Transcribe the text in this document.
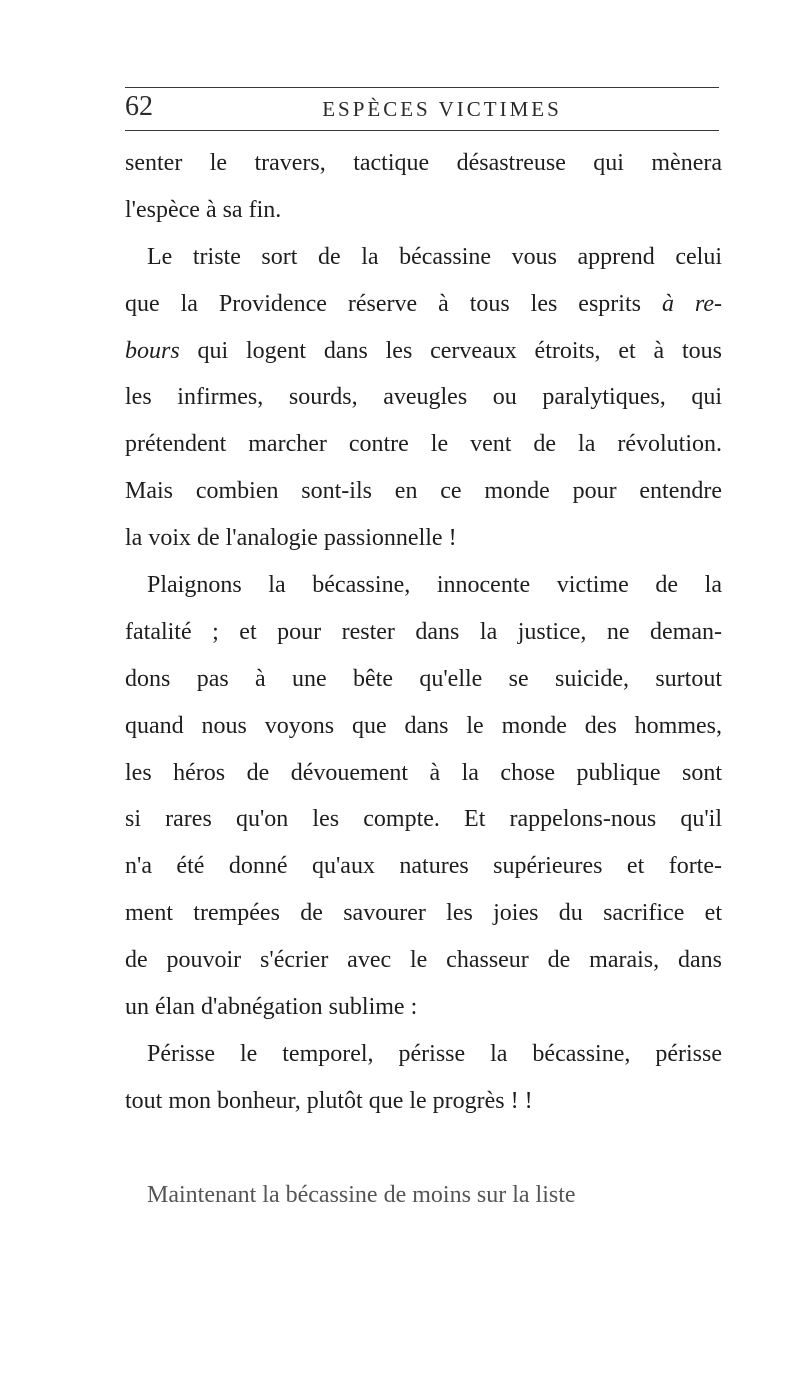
62	ESPÈCES VICTIMES
senter le travers, tactique désastreuse qui mènera
l'espèce à sa fin.
Le triste sort de la bécassine vous apprend celui
que la Providence réserve à tous les esprits à re-
bours qui logent dans les cerveaux étroits, et à tous
les infirmes, sourds, aveugles ou paralytiques, qui
prétendent marcher contre le vent de la révolution.
Mais combien sont-ils en ce monde pour entendre
la voix de l'analogie passionnelle !
Plaignons la bécassine, innocente victime de la
fatalité ; et pour rester dans la justice, ne deman-
dons pas à une bête qu'elle se suicide, surtout
quand nous voyons que dans le monde des hommes,
les héros de dévouement à la chose publique sont
si rares qu'on les compte. Et rappelons-nous qu'il
n'a été donné qu'aux natures supérieures et forte-
ment trempées de savourer les joies du sacrifice et
de pouvoir s'écrier avec le chasseur de marais, dans
un élan d'abnégation sublime :
Périsse le temporel, périsse la bécassine, périsse
tout mon bonheur, plutôt que le progrès ! !
Maintenant la bécassine de moins sur la liste
